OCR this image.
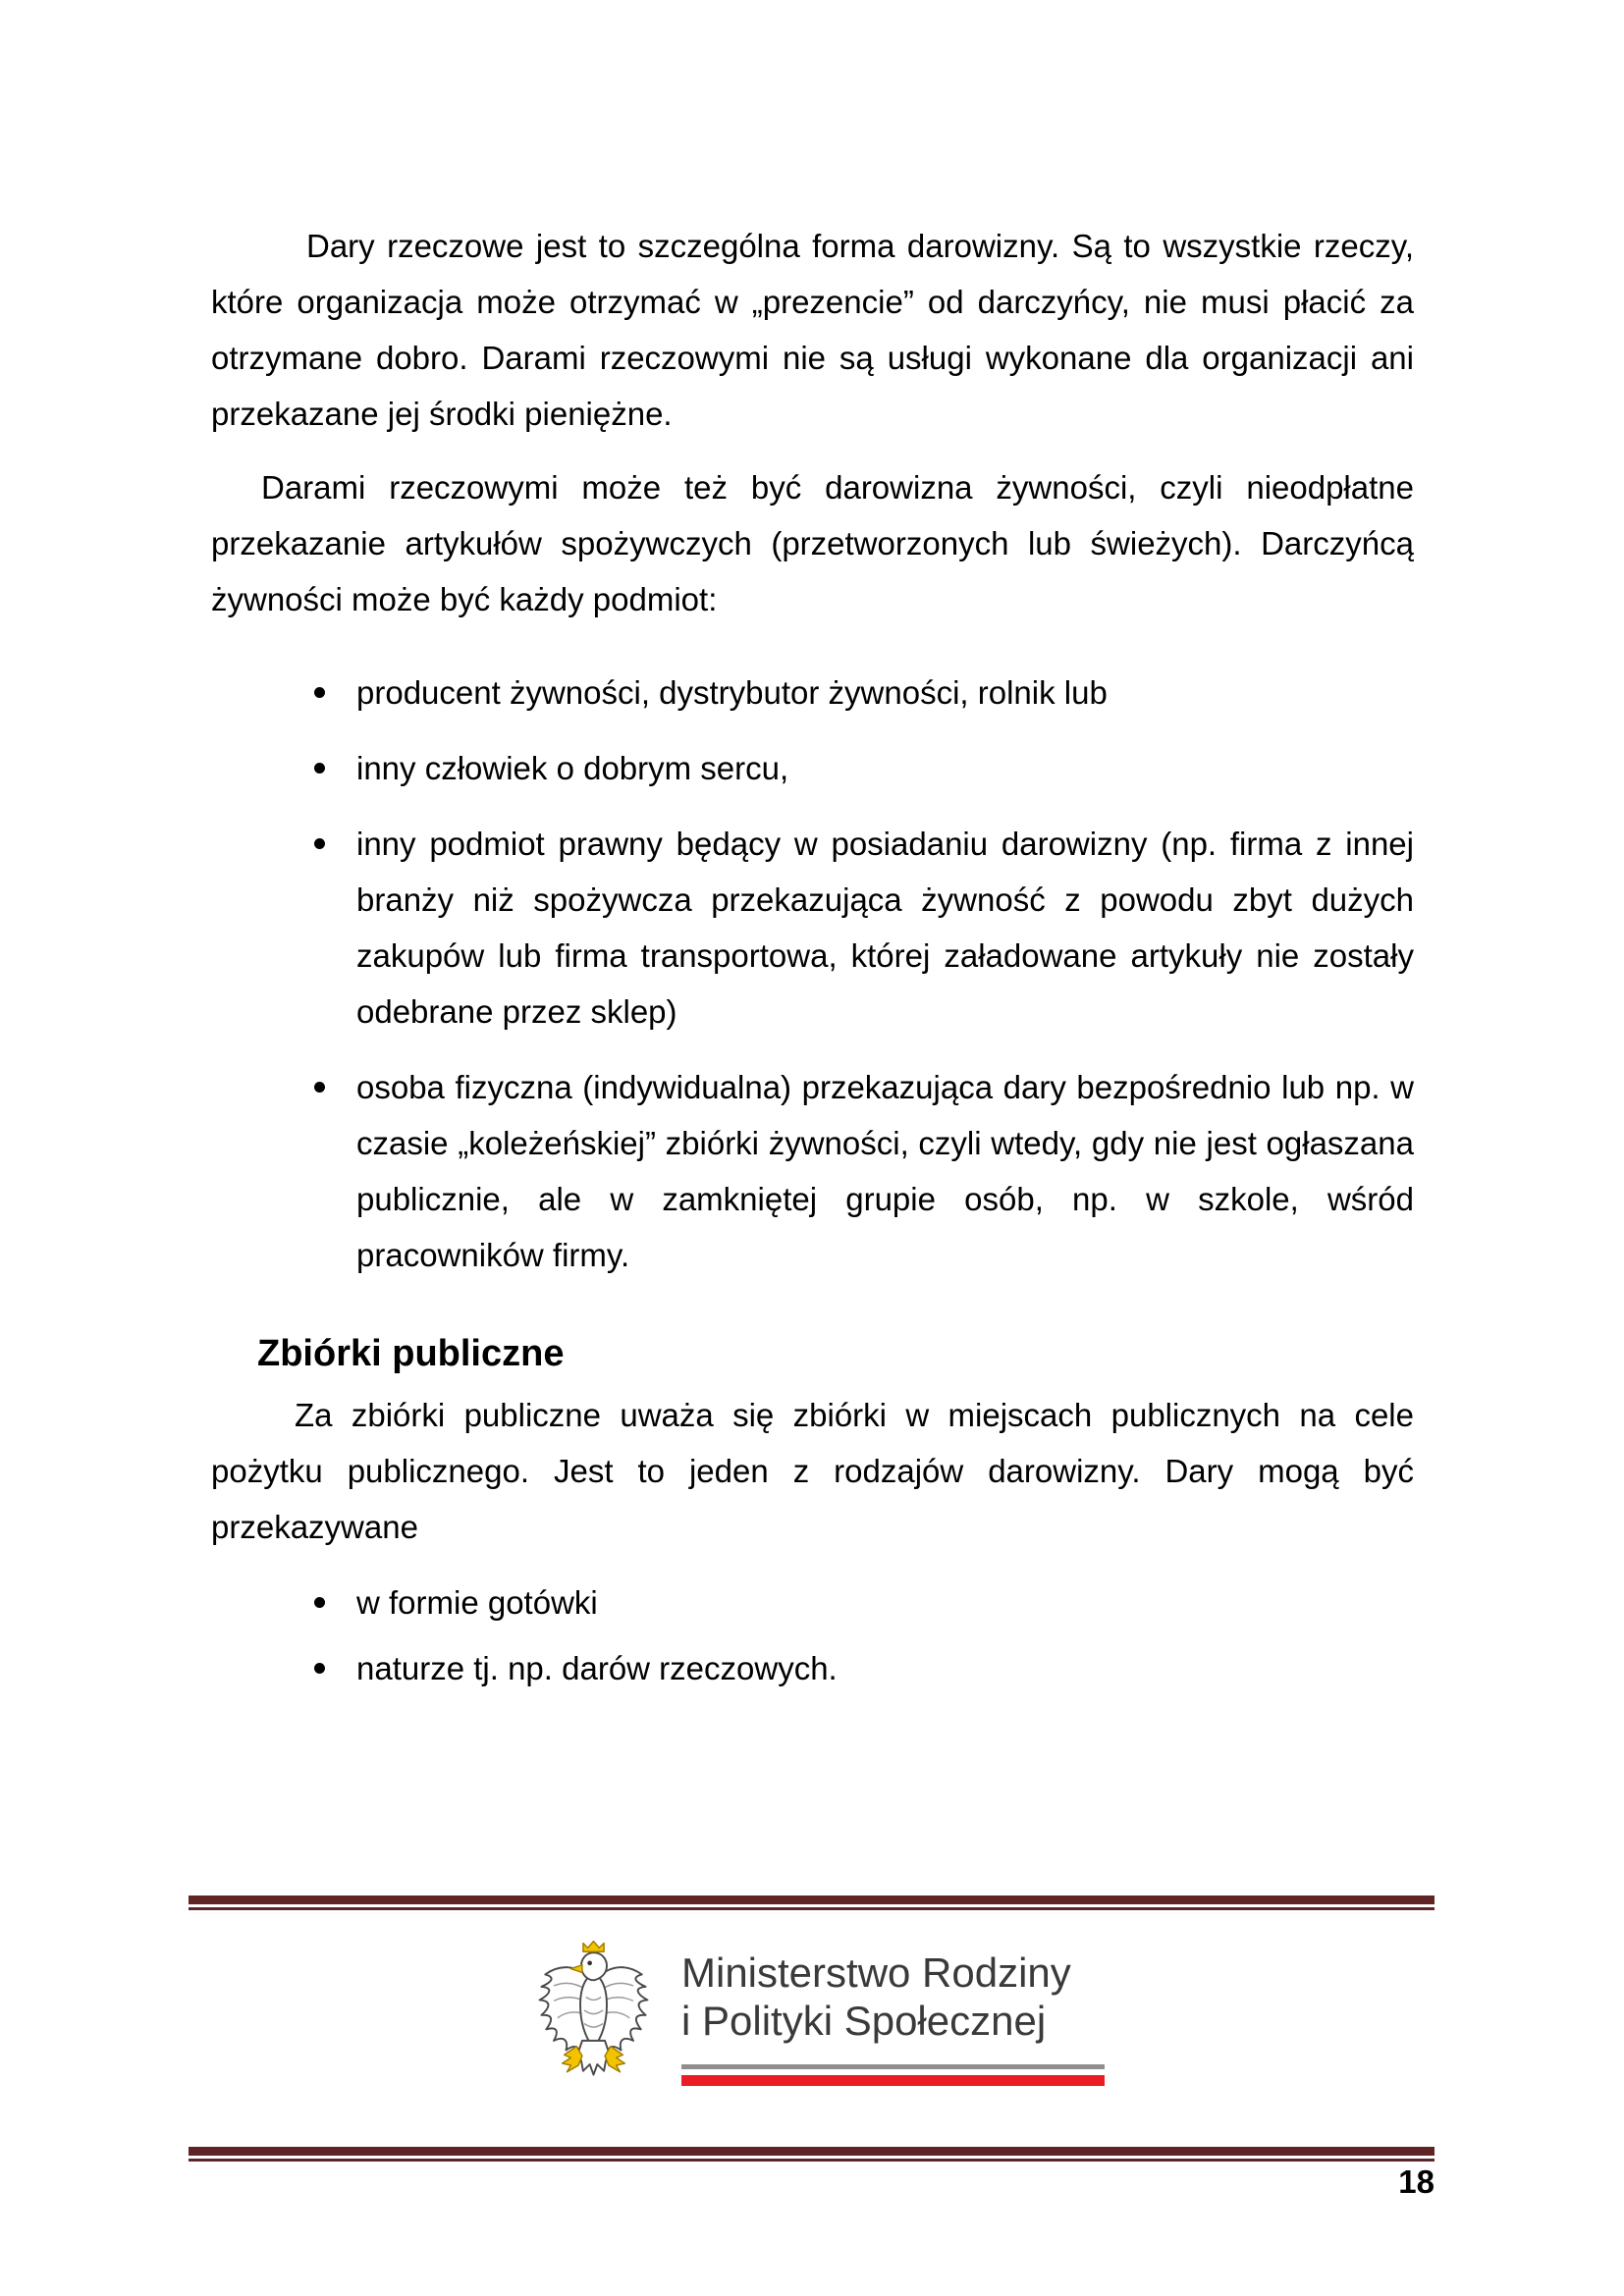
Dary rzeczowe jest to szczególna forma darowizny. Są to wszystkie rzeczy, które organizacja może otrzymać w „prezencie” od darczyńcy, nie musi płacić za otrzymane dobro. Darami rzeczowymi nie są usługi wykonane dla organizacji ani przekazane jej środki pieniężne.

Darami rzeczowymi może też być darowizna żywności, czyli nieodpłatne przekazanie artykułów spożywczych (przetworzonych lub świeżych). Darczyńcą żywności może być każdy podmiot:

producent żywności, dystrybutor żywności, rolnik lub
inny człowiek o dobrym sercu,
inny podmiot prawny będący w posiadaniu darowizny (np. firma z innej branży niż spożywcza przekazująca żywność z powodu zbyt dużych zakupów lub firma transportowa, której załadowane artykuły nie zostały odebrane przez sklep)
osoba fizyczna (indywidualna) przekazująca dary bezpośrednio lub np. w czasie „koleżeńskiej” zbiórki żywności, czyli wtedy, gdy nie jest ogłaszana publicznie, ale w zamkniętej grupie osób, np. w szkole, wśród pracowników firmy.
Zbiórki publiczne

Za zbiórki publiczne uważa się zbiórki w miejscach publicznych na cele pożytku publicznego. Jest to jeden z rodzajów darowizny. Dary mogą być przekazywane

w formie gotówki
naturze tj. np. darów rzeczowych.
Ministerstwo Rodziny
i Polityki Społecznej
18
